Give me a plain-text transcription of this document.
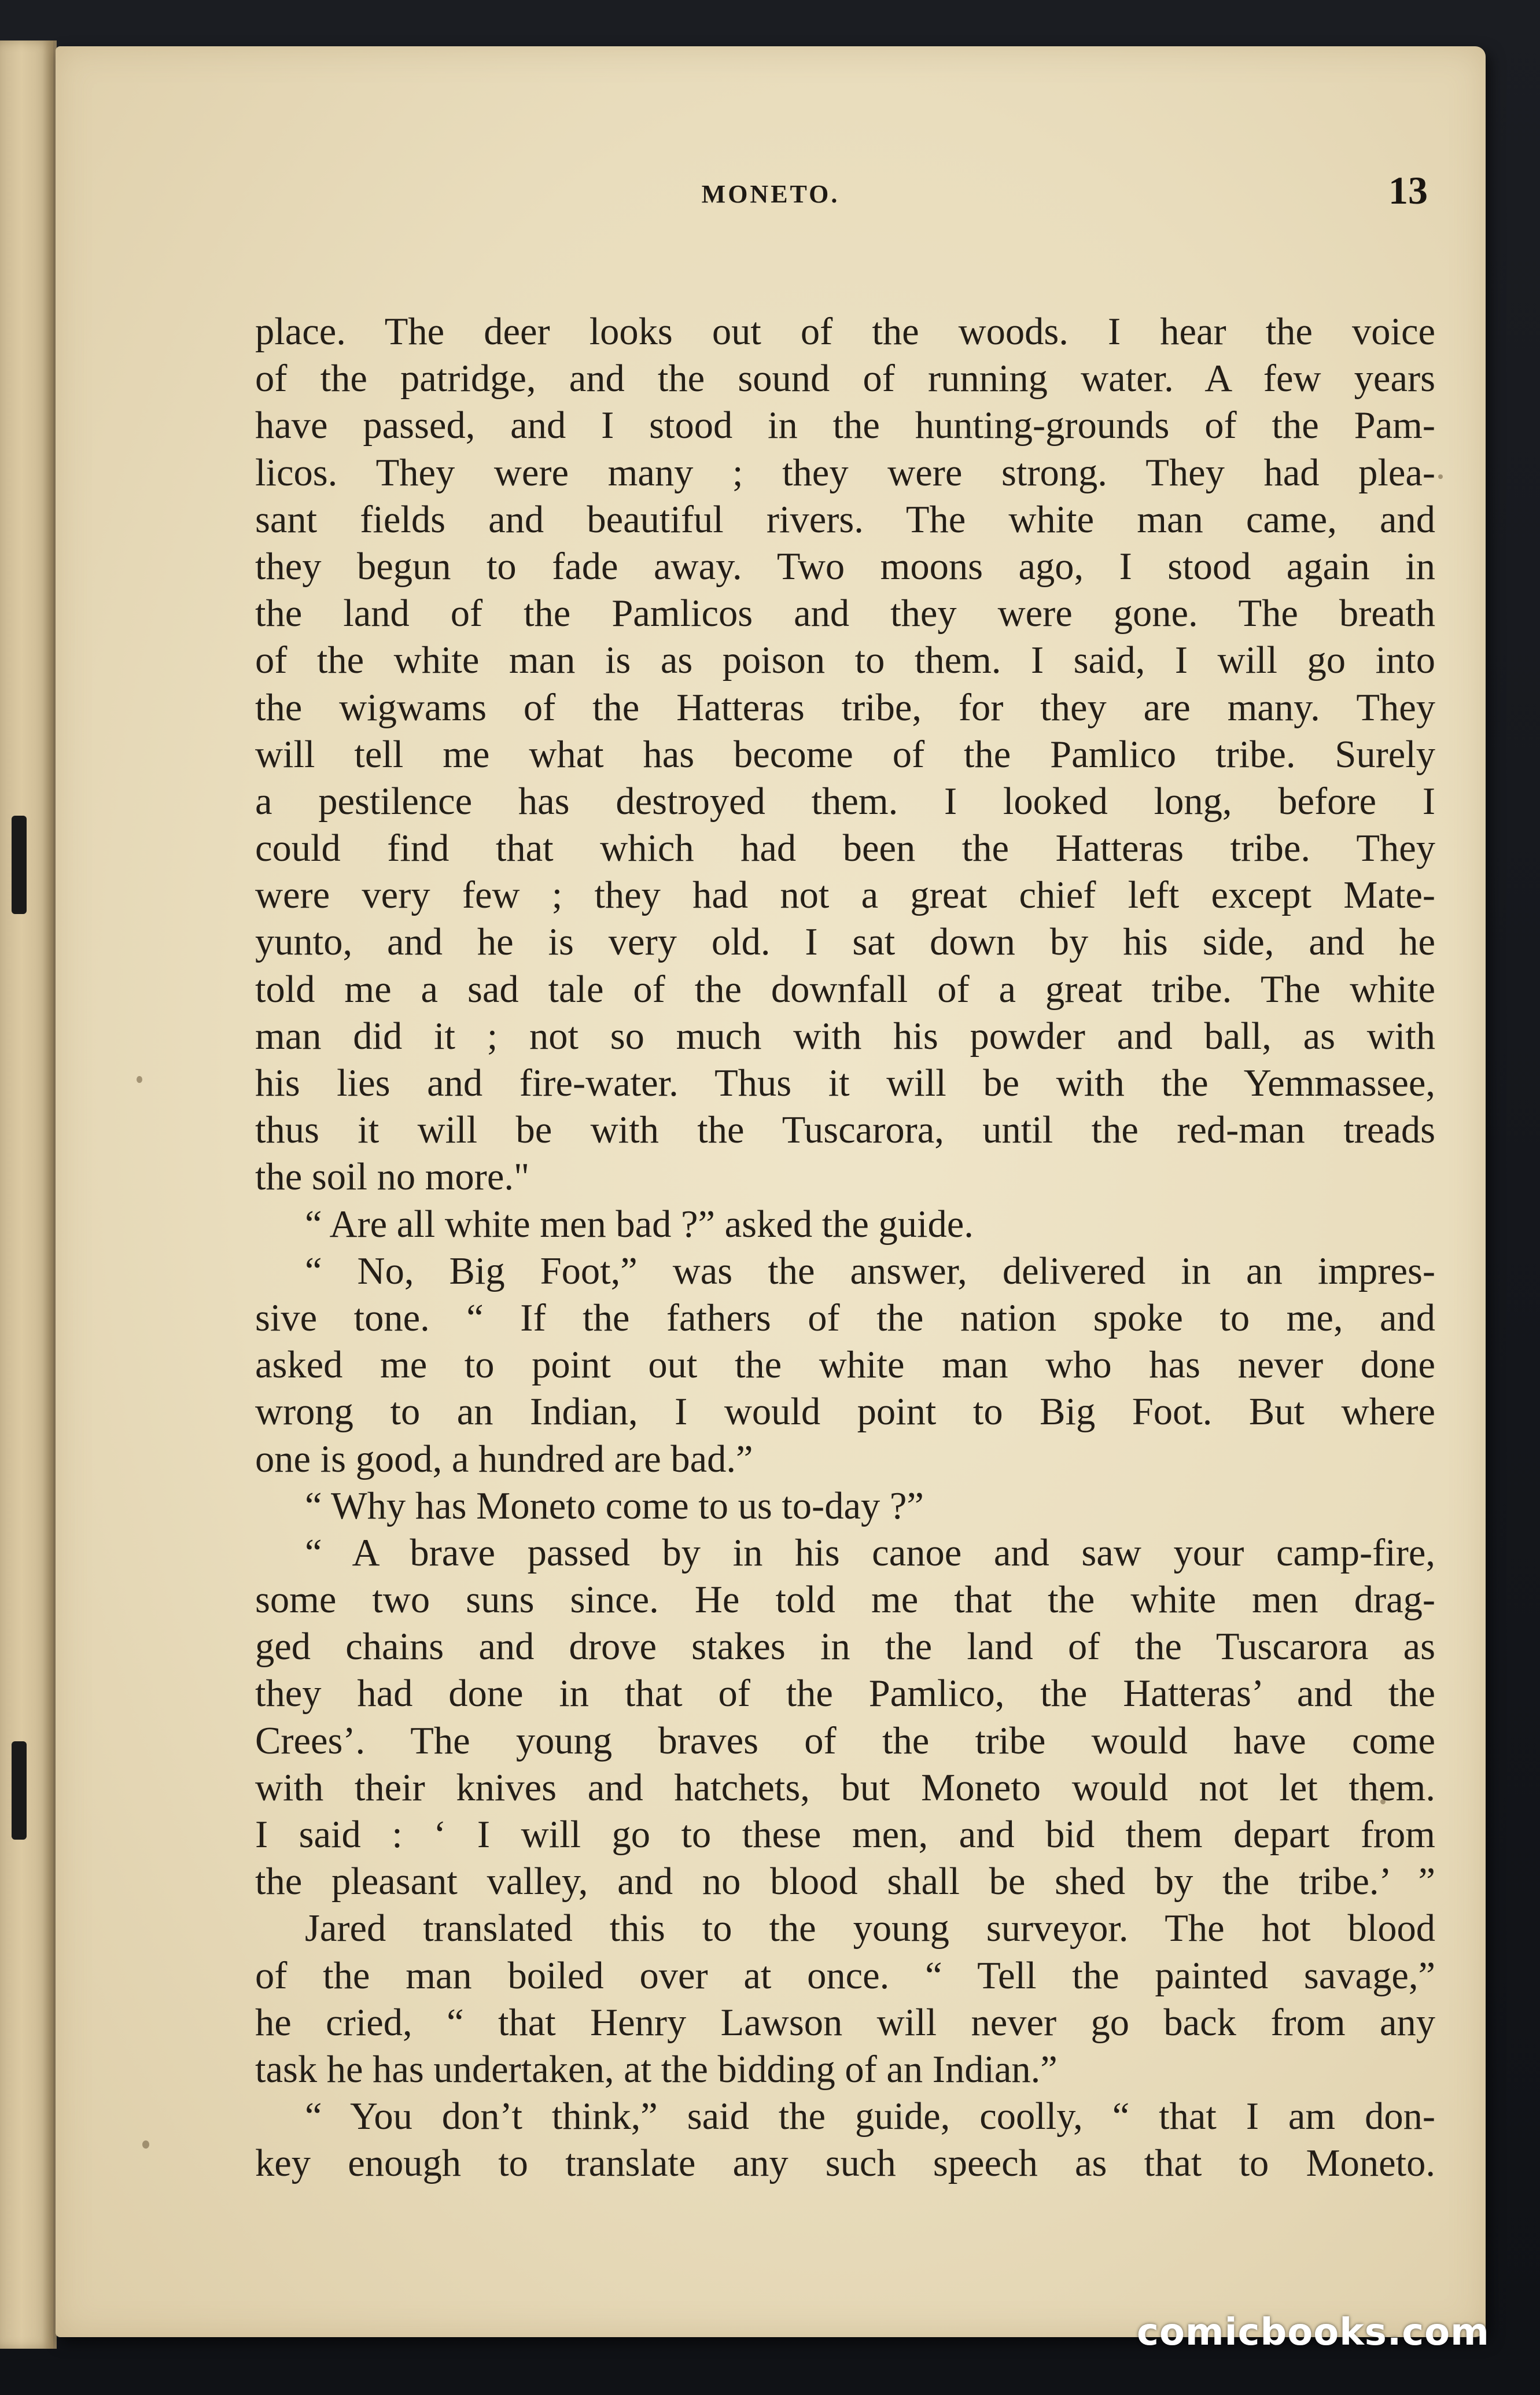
MONETO.	13
place. The deer looks out of the woods. I hear the voice
of the patridge, and the sound of running water. A few years
have passed, and I stood in the hunting-grounds of the Pam-
licos. They were many ; they were strong. They had plea-
sant fields and beautiful rivers. The white man came, and
they begun to fade away. Two moons ago, I stood again in
the land of the Pamlicos and they were gone. The breath
of the white man is as poison to them. I said, I will go into
the wigwams of the Hatteras tribe, for they are many. They
will tell me what has become of the Pamlico tribe. Surely
a pestilence has destroyed them. I looked long, before I
could find that which had been the Hatteras tribe. They
were very few ; they had not a great chief left except Mate-
yunto, and he is very old. I sat down by his side, and he
told me a sad tale of the downfall of a great tribe. The white
man did it ; not so much with his powder and ball, as with
his lies and fire-water. Thus it will be with the Yemmassee,
thus it will be with the Tuscarora, until the red-man treads
the soil no more."
“ Are all white men bad ?” asked the guide.
“ No, Big Foot,” was the answer, delivered in an impres-
sive tone. “ If the fathers of the nation spoke to me, and
asked me to point out the white man who has never done
wrong to an Indian, I would point to Big Foot. But where
one is good, a hundred are bad.”
“ Why has Moneto come to us to-day ?”
“ A brave passed by in his canoe and saw your camp-fire,
some two suns since. He told me that the white men drag-
ged chains and drove stakes in the land of the Tuscarora as
they had done in that of the Pamlico, the Hatteras’ and the
Crees’. The young braves of the tribe would have come
with their knives and hatchets, but Moneto would not let them.
I said : ‘ I will go to these men, and bid them depart from
the pleasant valley, and no blood shall be shed by the tribe.’ ”
Jared translated this to the young surveyor. The hot blood
of the man boiled over at once. “ Tell the painted savage,”
he cried, “ that Henry Lawson will never go back from any
task he has undertaken, at the bidding of an Indian.”
“ You don’t think,” said the guide, coolly, “ that I am don-
key enough to translate any such speech as that to Moneto.
comicbooks.com
